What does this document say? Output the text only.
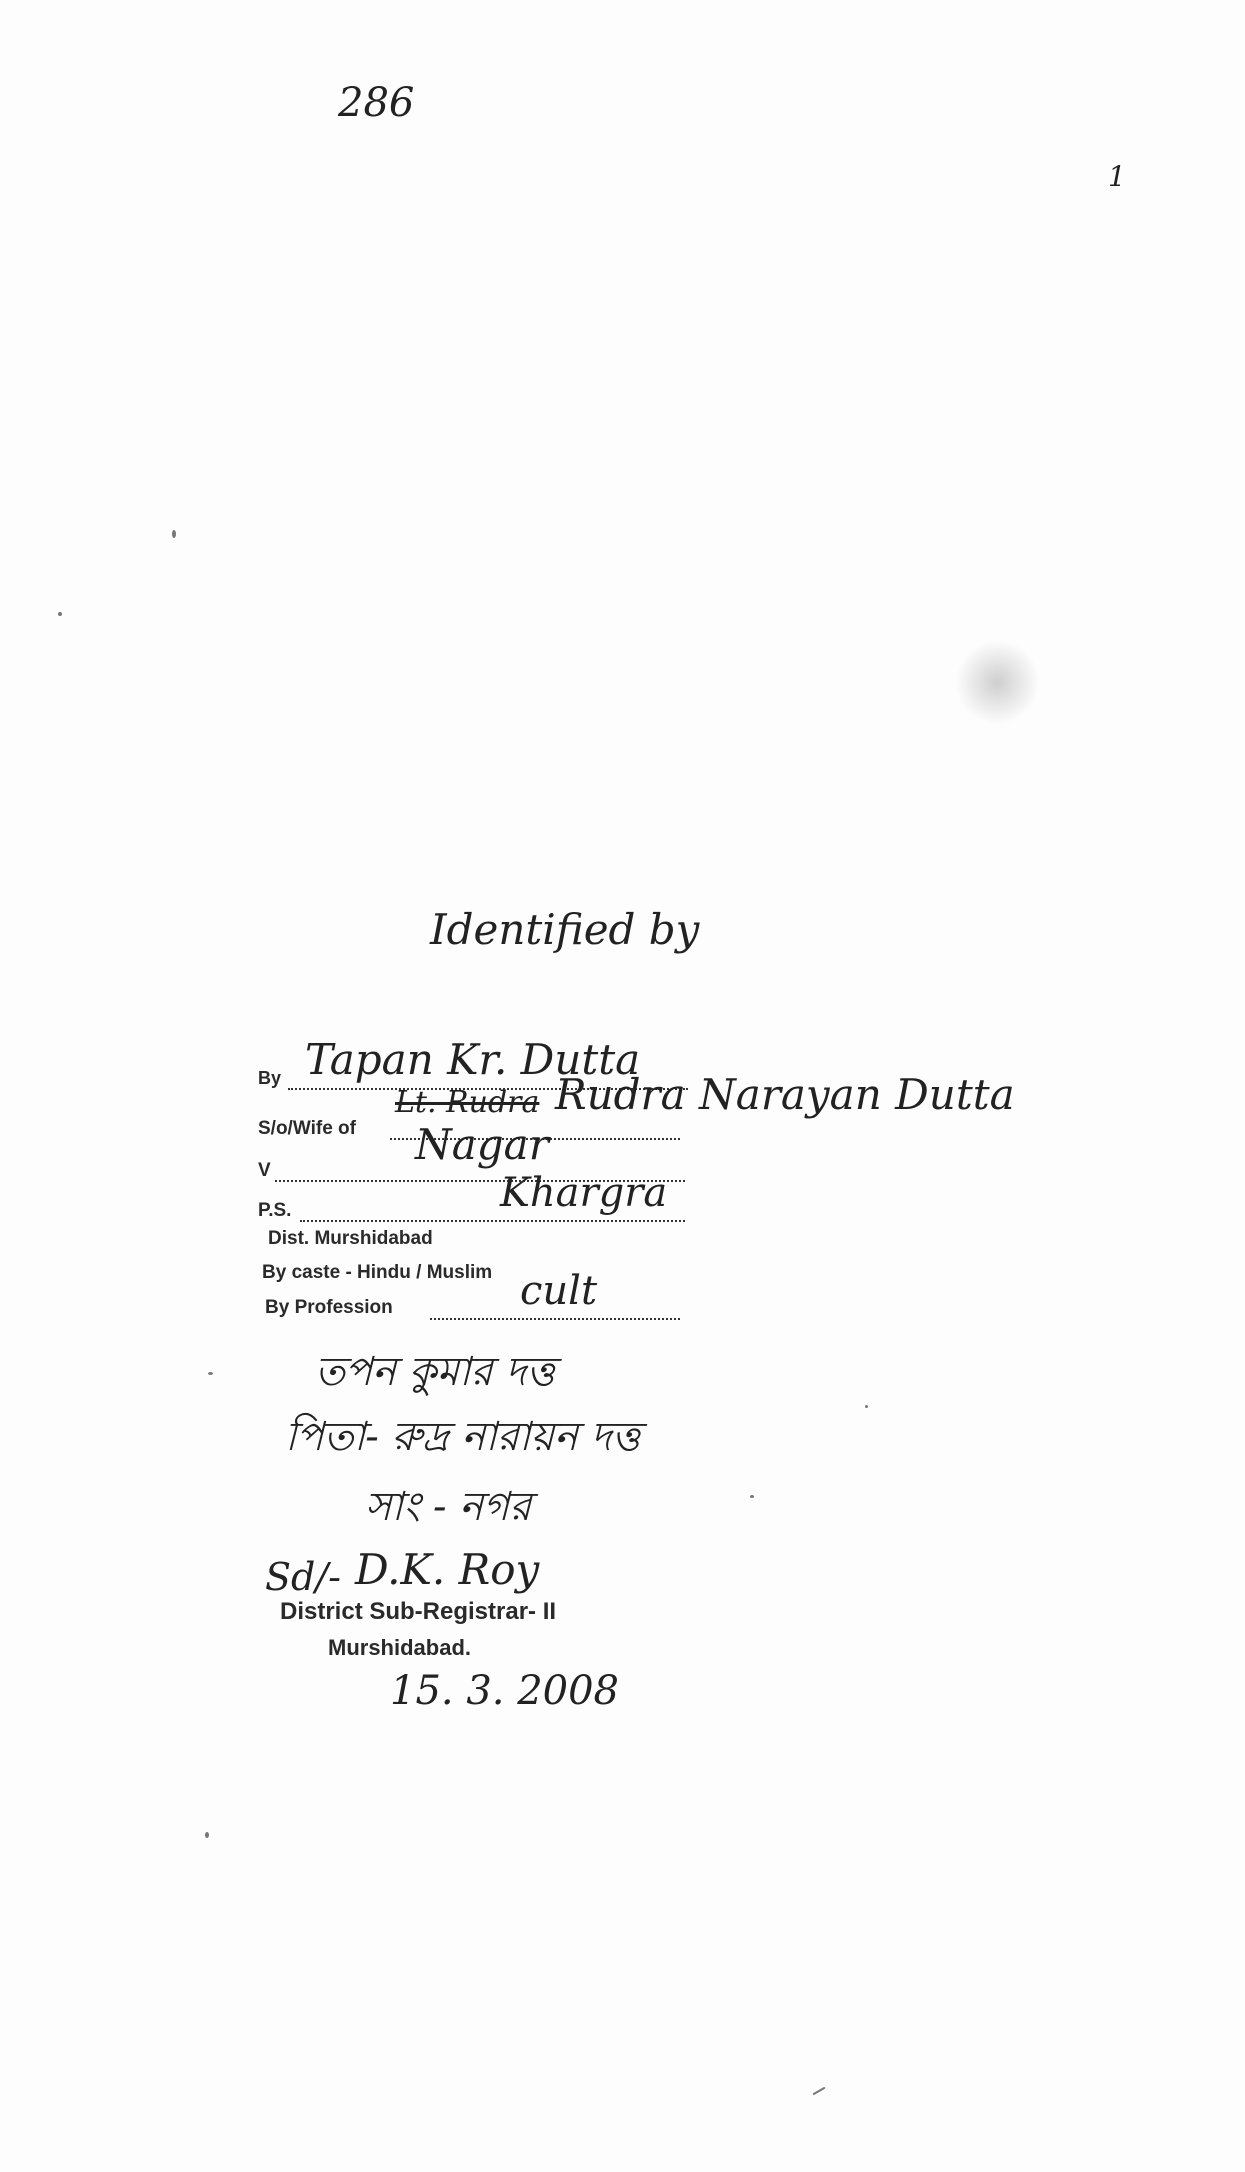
286
1
Identified by
By Tapan Kr. Dutta
S/o/Wife of
Lt. Rudra Rudra Narayan Dutta
V
Nagar
P.S.	Khargra
Dist. Murshidabad
By caste - Hindu / Muslim
By Profession	cult
তপন কুমার দত্ত
পিতা- রুদ্র নারায়ন দত্ত
সাং - নগর
Sd/- D.K. Roy
District Sub-Registrar- II
Murshidabad.
15. 3. 2008
